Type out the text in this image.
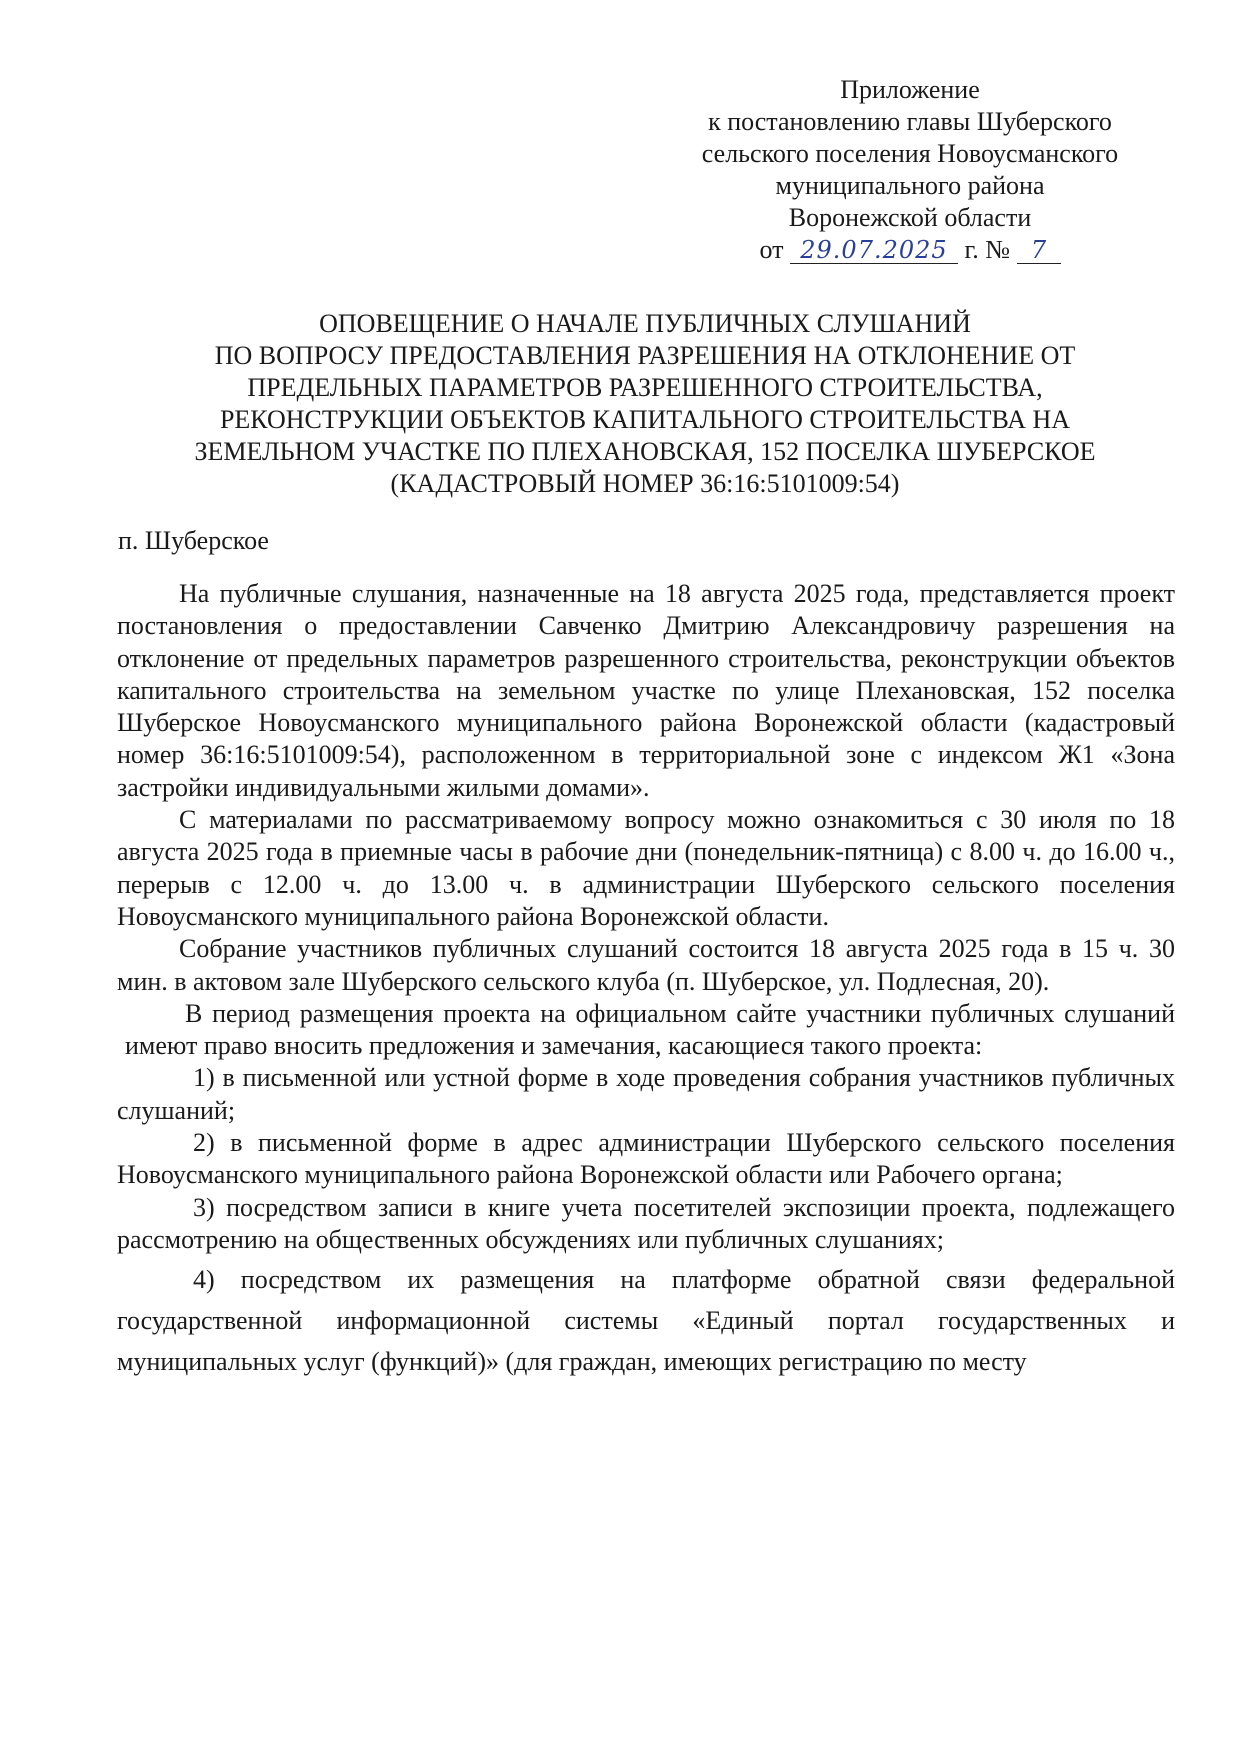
Приложение
к постановлению главы Шуберского
сельского поселения Новоусманского
муниципального района
Воронежской области
от 29.07.2025 г. № 7
ОПОВЕЩЕНИЕ О НАЧАЛЕ ПУБЛИЧНЫХ СЛУШАНИЙ
ПО ВОПРОСУ ПРЕДОСТАВЛЕНИЯ РАЗРЕШЕНИЯ НА ОТКЛОНЕНИЕ ОТ
ПРЕДЕЛЬНЫХ ПАРАМЕТРОВ РАЗРЕШЕННОГО СТРОИТЕЛЬСТВА,
РЕКОНСТРУКЦИИ ОБЪЕКТОВ КАПИТАЛЬНОГО СТРОИТЕЛЬСТВА НА
ЗЕМЕЛЬНОМ УЧАСТКЕ ПО ПЛЕХАНОВСКАЯ, 152 ПОСЕЛКА ШУБЕРСКОЕ
(КАДАСТРОВЫЙ НОМЕР 36:16:5101009:54)
п. Шуберское

На публичные слушания, назначенные на 18 августа 2025 года, представляется проект постановления о предоставлении Савченко Дмитрию Александровичу разрешения на отклонение от предельных параметров разрешенного строительства, реконструкции объектов капитального строительства на земельном участке по улице Плехановская, 152 поселка Шуберское Новоусманского муниципального района Воронежской области (кадастровый номер 36:16:5101009:54), расположенном в территориальной зоне с индексом Ж1 «Зона застройки индивидуальными жилыми домами».

С материалами по рассматриваемому вопросу можно ознакомиться с 30 июля по 18 августа 2025 года в приемные часы в рабочие дни (понедельник-пятница) с 8.00 ч. до 16.00 ч., перерыв с 12.00 ч. до 13.00 ч. в администрации Шуберского сельского поселения Новоусманского муниципального района Воронежской области.

Собрание участников публичных слушаний состоится 18 августа 2025 года в 15 ч. 30 мин. в актовом зале Шуберского сельского клуба (п. Шуберское, ул. Подлесная, 20).

В период размещения проекта на официальном сайте участники публичных слушаний имеют право вносить предложения и замечания, касающиеся такого проекта:

1) в письменной или устной форме в ходе проведения собрания участников публичных слушаний;

2) в письменной форме в адрес администрации Шуберского сельского поселения Новоусманского муниципального района Воронежской области или Рабочего органа;

3) посредством записи в книге учета посетителей экспозиции проекта, подлежащего рассмотрению на общественных обсуждениях или публичных слушаниях;

4) посредством их размещения на платформе обратной связи федеральной государственной информационной системы «Единый портал государственных и муниципальных услуг (функций)» (для граждан, имеющих регистрацию по месту
